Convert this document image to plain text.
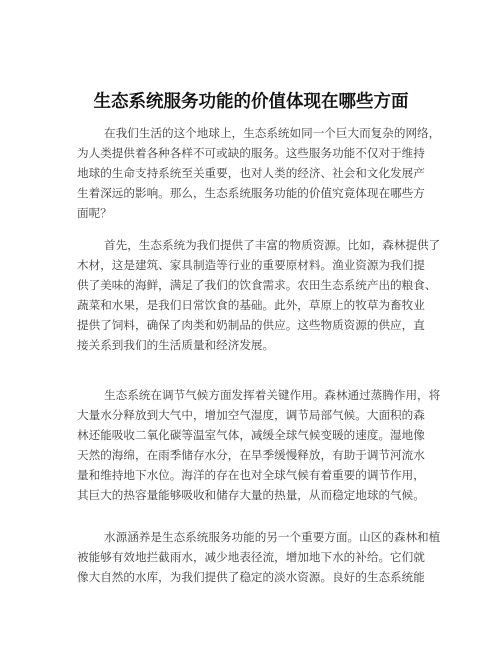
生态系统服务功能的价值体现在哪些方面
在我们生活的这个地球上，生态系统如同一个巨大而复杂的网络，
为人类提供着各种各样不可或缺的服务。这些服务功能不仅对于维持
地球的生命支持系统至关重要，也对人类的经济、社会和文化发展产
生着深远的影响。那么，生态系统服务功能的价值究竟体现在哪些方
面呢？
首先，生态系统为我们提供了丰富的物质资源。比如，森林提供了
木材，这是建筑、家具制造等行业的重要原材料。渔业资源为我们提
供了美味的海鲜，满足了我们的饮食需求。农田生态系统产出的粮食、
蔬菜和水果，是我们日常饮食的基础。此外，草原上的牧草为畜牧业
提供了饲料，确保了肉类和奶制品的供应。这些物质资源的供应，直
接关系到我们的生活质量和经济发展。
生态系统在调节气候方面发挥着关键作用。森林通过蒸腾作用，将
大量水分释放到大气中，增加空气湿度，调节局部气候。大面积的森
林还能吸收二氧化碳等温室气体，减缓全球气候变暖的速度。湿地像
天然的海绵，在雨季储存水分，在旱季缓慢释放，有助于调节河流水
量和维持地下水位。海洋的存在也对全球气候有着重要的调节作用，
其巨大的热容量能够吸收和储存大量的热量，从而稳定地球的气候。
水源涵养是生态系统服务功能的另一个重要方面。山区的森林和植
被能够有效地拦截雨水，减少地表径流，增加地下水的补给。它们就
像大自然的水库，为我们提供了稳定的淡水资源。良好的生态系统能
